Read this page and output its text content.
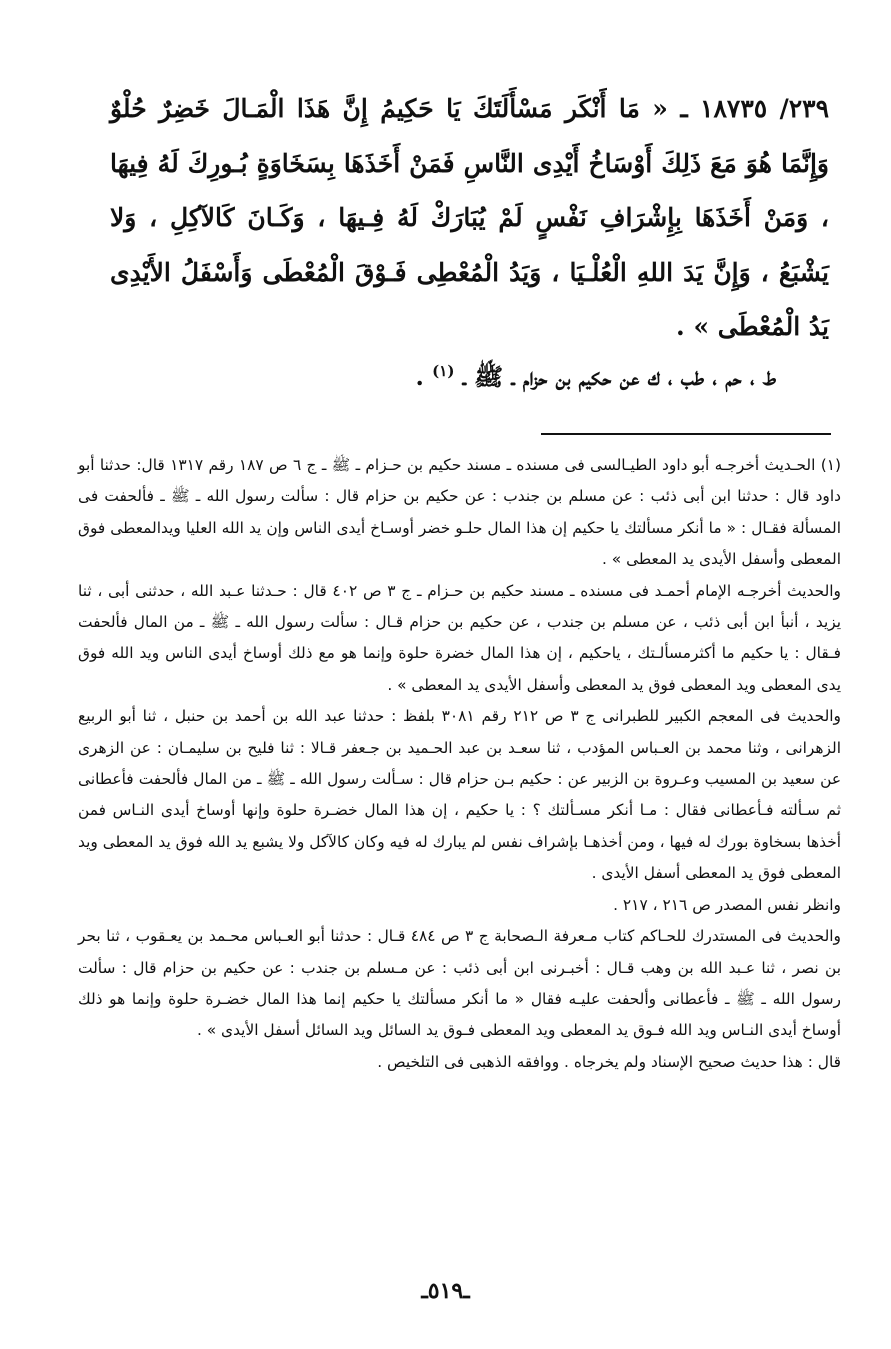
٢٣٩/ ١٨٧٣٥ ـ « مَا أَنْكَر مَسْأَلَتَكَ يَا حَكِيمُ إِنَّ هَذَا الْمَـالَ خَضِرٌ حُلْوٌ وَإِنَّمَا هُوَ مَعَ ذَلِكَ أَوْسَاخُ أَيْدِى النَّاسِ فَمَنْ أَخَذَهَا بِسَخَاوَةٍ بُـورِكَ لَهُ فِيهَا ، وَمَنْ أَخَذَهَا بِإِشْرَافِ نَفْسٍ لَمْ يُبَارَكْ لَهُ فِـيهَا ، وَكَـانَ كَالآكِلِ ، وَلا يَشْبَعُ ، وَإِنَّ يَدَ اللهِ الْعُلْـيَا ، وَيَدُ الْمُعْطِى فَـوْقَ الْمُعْطَى وَأَسْفَلُ الأَيْدِى يَدُ الْمُعْطَى » .
ط ، حم ، طب ، ك عن حكيم بن حزام ـ ﷺ ـ $^{(١)}$ .

(١) الحـديث أخرجـه أبو داود الطيـالسى فى مسنده ـ مسند حكيم بن حـزام ـ ﷺ ـ ج ٦ ص ١٨٧ رقم ١٣١٧ قال: حدثنا أبو داود قال : حدثنا ابن أبى ذئب : عن مسلم بن جندب : عن حكيم بن حزام قال : سألت رسول الله ـ ﷺ ـ فألحفت فى المسألة فقـال : « ما أنكر مسألتك يا حكيم إن هذا المال حلـو خضر أوسـاخ أيدى الناس وإن يد الله العليا ويدالمعطى فوق المعطى وأسفل الأيدى يد المعطى » .

والحديث أخرجـه الإمام أحمـد فى مسنده ـ مسند حكيم بن حـزام ـ ج ٣ ص ٤٠٢ قال : حـدثنا عـبد الله ، حدثنى أبى ، ثنا يزيد ، أنبأ ابن أبى ذئب ، عن مسلم بن جندب ، عن حكيم بن حزام قـال : سألت رسول الله ـ ﷺ ـ من المال فألحفت فـقال : يا حكيم ما أكثرمسألـتك ، ياحكيم ، إن هذا المال خضرة حلوة وإنما هو مع ذلك أوساخ أيدى الناس ويد الله فوق يدى المعطى ويد المعطى فوق يد المعطى وأسفل الأيدى يد المعطى » .

والحديث فى المعجم الكبير للطبرانى ج ٣ ص ٢١٢ رقم ٣٠٨١ بلفظ : حدثنا عبد الله بن أحمد بن حنبل ، ثنا أبو الربيع الزهرانى ، وثنا محمد بن العـباس المؤدب ، ثنا سعـد بن عبد الحـميد بن جـعفر قـالا : ثنا فليح بن سليمـان : عن الزهرى عن سعيد بن المسيب وعـروة بن الزبير عن : حكيم بـن حزام قال : سـألت رسول الله ـ ﷺ ـ من المال فألحفت فأعطانى ثم سـألته فـأعطانى فقال : مـا أنكر مسـألتك ؟ : يا حكيم ، إن هذا المال خضـرة حلوة وإنها أوساخ أيدى النـاس فمن أخذها بسخاوة بورك له فيها ، ومن أخذهـا بإشراف نفس لم يبارك له فيه وكان كالآكل ولا يشبع يد الله فوق يد المعطى ويد المعطى فوق يد المعطى أسفل الأيدى .

وانظر نفس المصدر ص ٢١٦ ، ٢١٧ .

والحديث فى المستدرك للحـاكم كتاب مـعرفة الـصحابة ج ٣ ص ٤٨٤ قـال : حدثنا أبو العـباس محـمد بن يعـقوب ، ثنا بحر بن نصر ، ثنا عـبد الله بن وهب قـال : أخبـرنى ابن أبى ذئب : عن مـسلم بن جندب : عن حكيم بن حزام قال : سألت رسول الله ـ ﷺ ـ فأعطانى وألحفت عليـه فقال « ما أنكر مسألتك يا حكيم إنما هذا المال خضـرة حلوة وإنما هو ذلك أوساخ أيدى النـاس ويد الله فـوق يد المعطى ويد المعطى فـوق يد السائل ويد السائل أسفل الأيدى » .

قال : هذا حديث صحيح الإسناد ولم يخرجاه . ووافقه الذهبى فى التلخيص .

ـ٥١٩ـ
